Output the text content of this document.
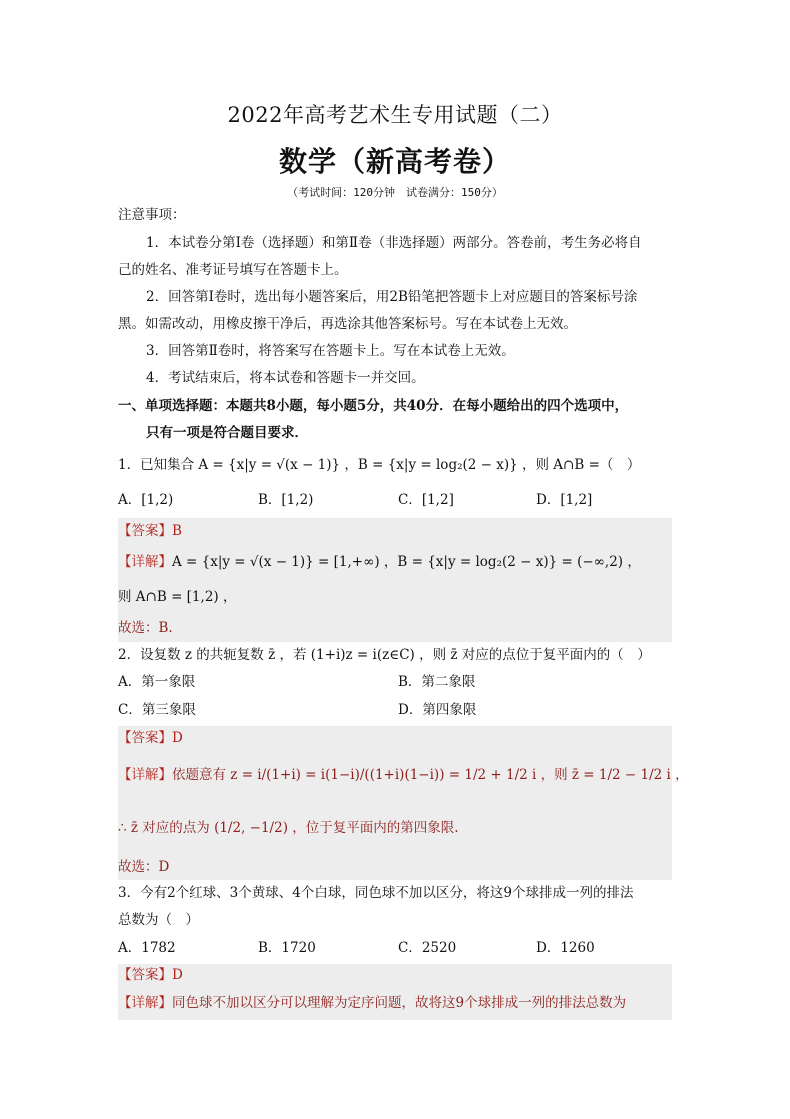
2022年高考艺术生专用试题（二）
数学（新高考卷）
（考试时间：120分钟　试卷满分：150分）
注意事项：
1．本试卷分第Ⅰ卷（选择题）和第Ⅱ卷（非选择题）两部分。答卷前，考生务必将自
己的姓名、准考证号填写在答题卡上。
2．回答第Ⅰ卷时，选出每小题答案后，用2B铅笔把答题卡上对应题目的答案标号涂
黑。如需改动，用橡皮擦干净后，再选涂其他答案标号。写在本试卷上无效。
3．回答第Ⅱ卷时，将答案写在答题卡上。写在本试卷上无效。
4．考试结束后，将本试卷和答题卡一并交回。
一、单项选择题：本题共8小题，每小题5分，共40分．在每小题给出的四个选项中，
只有一项是符合题目要求．
1．已知集合 A = {x|y = √(x − 1)} ，B = {x|y = log₂(2 − x)} ，则 A∩B =（　）
A．[1,2)	B．[1,2)	C．[1,2]	D．[1,2]
【答案】B
【详解】A = {x|y = √(x − 1)} = [1,+∞) ，B = {x|y = log₂(2 − x)} = (−∞,2) ，
则 A∩B = [1,2) ，
故选：B.
2．设复数 z 的共轭复数 z̄ ，若 (1+i)z = i(z∈C) ，则 z̄ 对应的点位于复平面内的（　）
A．第一象限	B．第二象限
C．第三象限	D．第四象限
【答案】D
【详解】依题意有 z = i/(1+i) = i(1−i)/((1+i)(1−i)) = 1/2 + 1/2 i ，则 z̄ = 1/2 − 1/2 i ，
∴ z̄ 对应的点为 (1/2, −1/2) ，位于复平面内的第四象限.
故选：D
3．今有2个红球、3个黄球、4个白球，同色球不加以区分，将这9个球排成一列的排法
总数为（　）
A．1782	B．1720	C．2520	D．1260
【答案】D
【详解】同色球不加以区分可以理解为定序问题，故将这9个球排成一列的排法总数为
